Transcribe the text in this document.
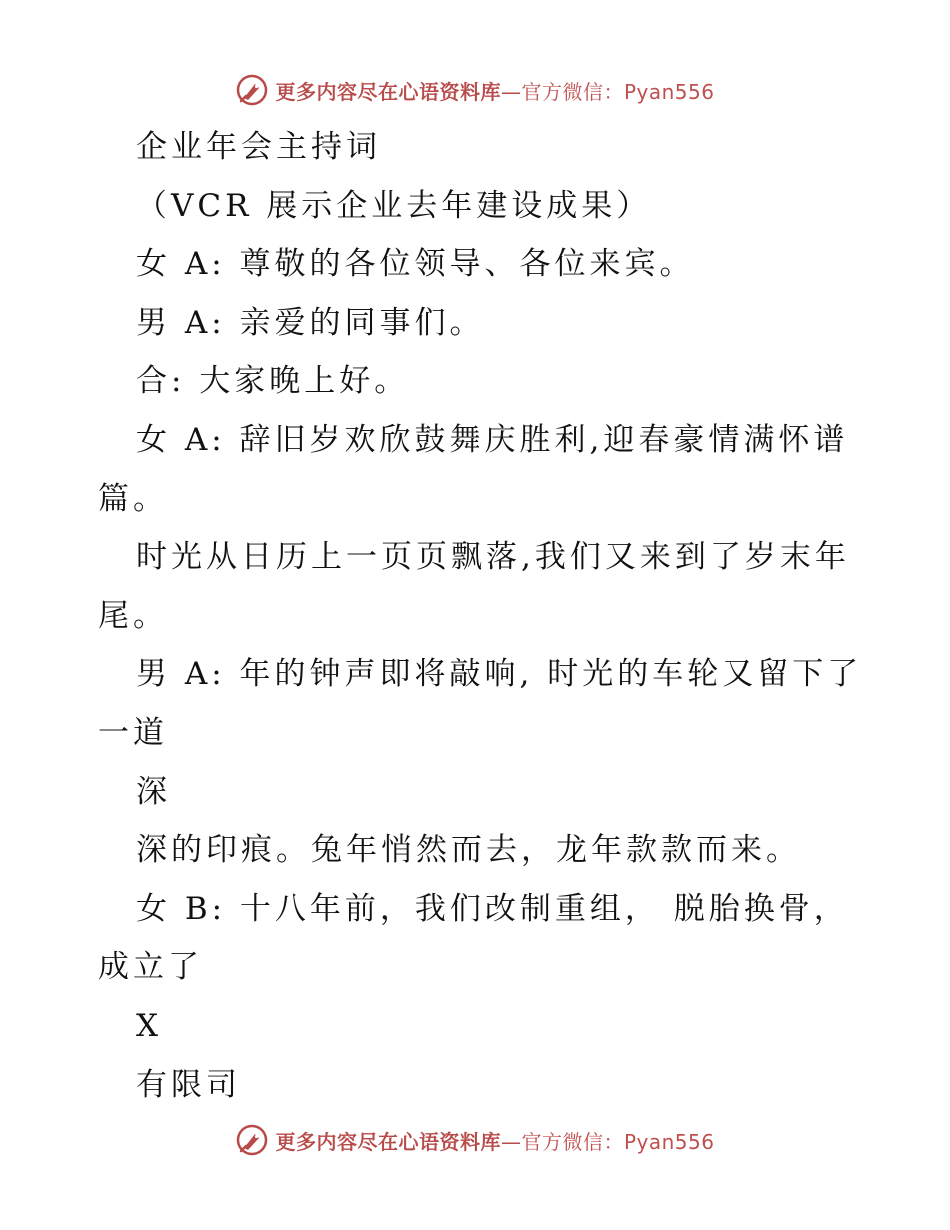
更多内容尽在心语资料库—官方微信：Pyan556
企业年会主持词
（VCR 展示企业去年建设成果）
女 A: 尊敬的各位领导、各位来宾。
男 A: 亲爱的同事们。
合: 大家晚上好。
女 A: 辞旧岁欢欣鼓舞庆胜利,迎春豪情满怀谱
篇。
时光从日历上一页页飘落,我们又来到了岁末年
尾。
男 A: 年的钟声即将敲响, 时光的车轮又留下了
一道
深
深的印痕。兔年悄然而去，龙年款款而来。
女 B: 十八年前，我们改制重组， 脱胎换骨，
成立了
X
有限司
更多内容尽在心语资料库—官方微信：Pyan556
